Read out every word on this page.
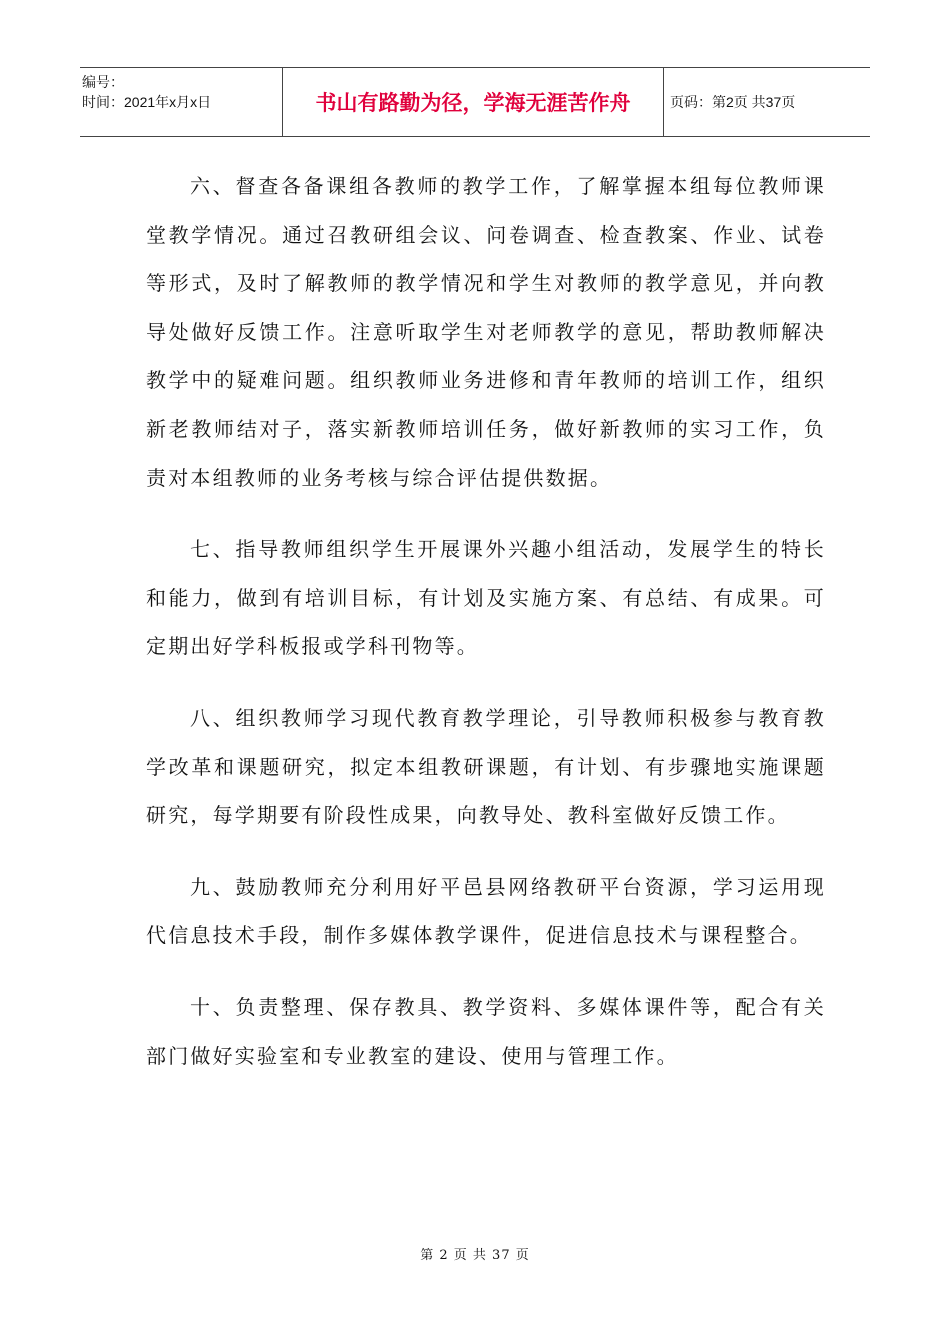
编号：
时间：2021年x月x日	书山有路勤为径，学海无涯苦作舟	页码：第2页 共37页

六、督查各备课组各教师的教学工作，了解掌握本组每位教师课堂教学情况。通过召教研组会议、问卷调查、检查教案、作业、试卷等形式，及时了解教师的教学情况和学生对教师的教学意见，并向教导处做好反馈工作。注意听取学生对老师教学的意见，帮助教师解决教学中的疑难问题。组织教师业务进修和青年教师的培训工作，组织新老教师结对子，落实新教师培训任务，做好新教师的实习工作，负责对本组教师的业务考核与综合评估提供数据。

七、指导教师组织学生开展课外兴趣小组活动，发展学生的特长和能力，做到有培训目标，有计划及实施方案、有总结、有成果。可定期出好学科板报或学科刊物等。

八、组织教师学习现代教育教学理论，引导教师积极参与教育教学改革和课题研究，拟定本组教研课题，有计划、有步骤地实施课题研究，每学期要有阶段性成果，向教导处、教科室做好反馈工作。

九、鼓励教师充分利用好平邑县网络教研平台资源，学习运用现代信息技术手段，制作多媒体教学课件，促进信息技术与课程整合。

十、负责整理、保存教具、教学资料、多媒体课件等，配合有关部门做好实验室和专业教室的建设、使用与管理工作。

第 2 页 共 37 页
